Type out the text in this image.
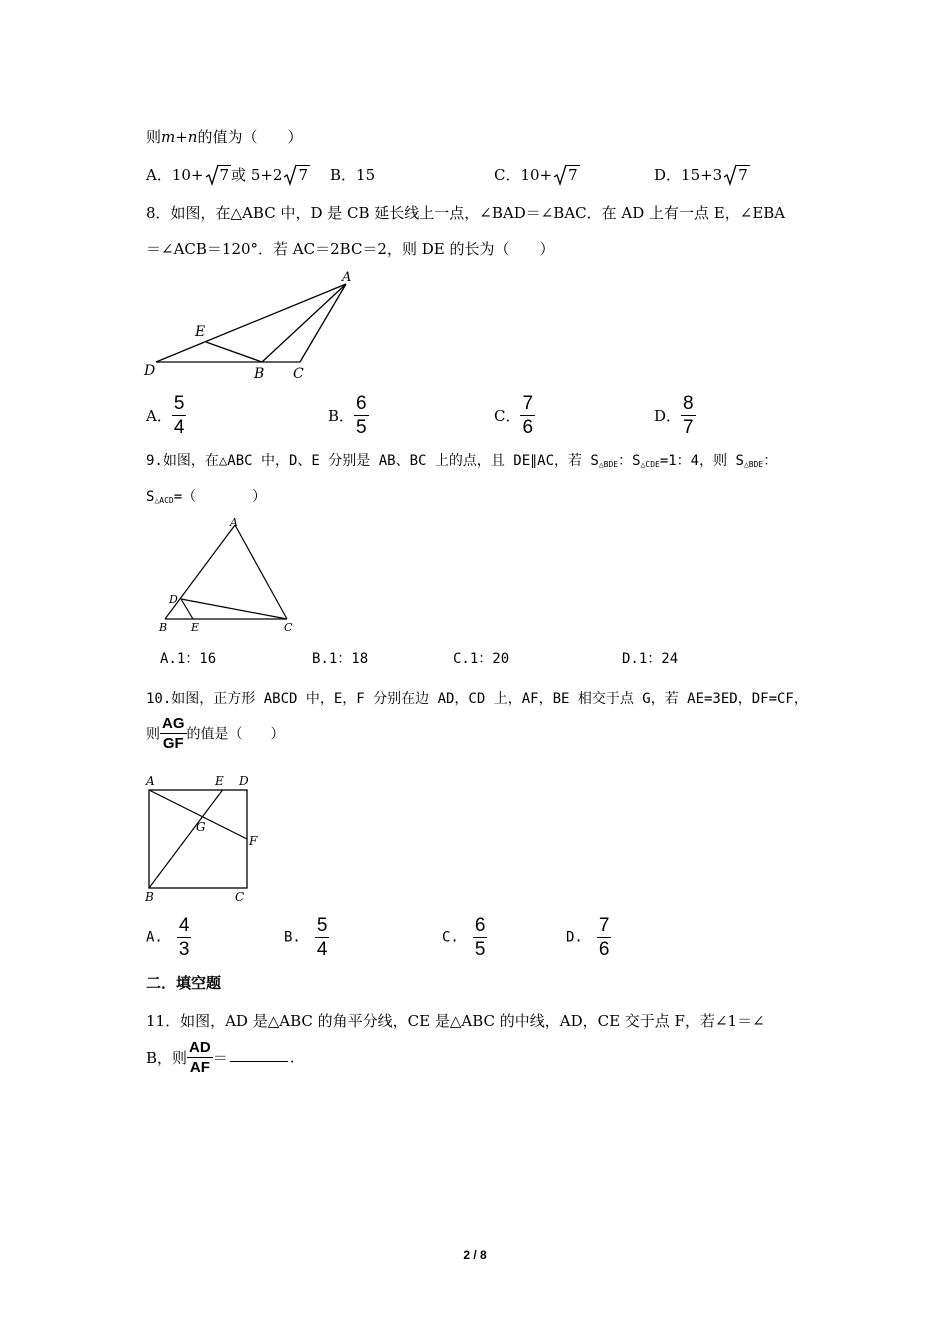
则m+n的值为（　　）
A．10+ 7 或 5+2 7 B．15	C．10+ 7	D．15+3 7
8．如图，在△ABC 中，D 是 CB 延长线上一点，∠BAD＝∠BAC．在 AD 上有一点 E，∠EBA
＝∠ACB＝120°．若 AC＝2BC＝2，则 DE 的长为（　　）
A
E
D	B C
A． $\frac{5}{4}$	B． $\frac{6}{5}$	C． $\frac{7}{6}$	D． $\frac{8}{7}$
9.如图，在△ABC 中，D、E 分别是 AB、BC 上的点，且 DE∥AC，若 $S_{\triangle BDE}$：$S_{\triangle CDE}=1$：4，则 $S_{\triangle BDE}$：
$S_{\triangle ACD}=$（　　　　）
A
D
B E	C
A.1：16	B.1：18	C.1：20	D.1：24
10.如图，正方形 ABCD 中，E，F 分别在边 AD，CD 上，AF，BE 相交于点 G，若 AE=3ED，DF=CF，
则 $\frac{AG}{GF}$ 的值是（　　）
A	E D
G
F
B	C
A. $\frac{4}{3}$	B. $\frac{5}{4}$	C. $\frac{6}{5}$	D. $\frac{7}{6}$
二．填空题
11．如图，AD 是△ABC 的角平分线，CE 是△ABC 的中线，AD，CE 交于点 F，若∠1＝∠
B，则 $\frac{AD}{AF}$ ＝	.
2 / 8
